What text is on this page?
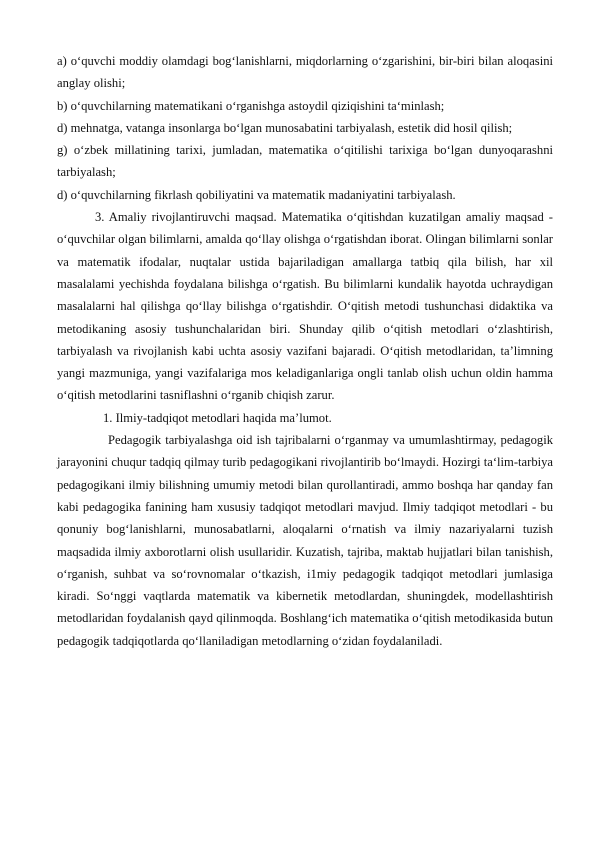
a) o‘quvchi moddiy olamdagi bog‘lanishlarni, miqdorlarning o‘zgarishini, bir-biri bilan aloqasini anglay olishi;

b) o‘quvchilarning matematikani o‘rganishga astoydil qiziqishini ta‘minlash;

d) mehnatga, vatanga insonlarga bo‘lgan munosabatini tarbiyalash, estetik did hosil qilish;

g) o‘zbek millatining tarixi, jumladan, matematika o‘qitilishi tarixiga bo‘lgan dunyoqarashni tarbiyalash;

d) o‘quvchilarning fikrlash qobiliyatini va matematik madaniyatini tarbiyalash.

3. Amaliy rivojlantiruvchi maqsad. Matematika o‘qitishdan kuzatilgan amaliy maqsad - o‘quvchilar olgan bilimlarni, amalda qo‘llay olishga o‘rgatishdan iborat. Olingan bilimlarni sonlar va matematik ifodalar, nuqtalar ustida bajariladigan amallarga tatbiq qila bilish, har xil masalalami yechishda foydalana bilishga o‘rgatish. Bu bilimlarni kundalik hayotda uchraydigan masalalarni hal qilishga qo‘llay bilishga o‘rgatishdir. O‘qitish metodi tushunchasi didaktika va metodikaning asosiy tushunchalaridan biri. Shunday qilib o‘qitish metodlari o‘zlashtirish, tarbiyalash va rivojlanish kabi uchta asosiy vazifani bajaradi. O‘qitish metodlaridan, ta’limning yangi mazmuniga, yangi vazifalariga mos keladiganlariga ongli tanlab olish uchun oldin hamma o‘qitish metodlarini tasniflashni o‘rganib chiqish zarur.

1. Ilmiy-tadqiqot metodlari haqida ma’lumot.

Pedagogik tarbiyalashga oid ish tajribalarni o‘rganmay va umumlashtirmay, pedagogik jarayonini chuqur tadqiq qilmay turib pedagogikani rivojlantirib bo‘lmaydi. Hozirgi ta‘lim-tarbiya pedagogikani ilmiy bilishning umumiy metodi bilan qurollantiradi, ammo boshqa har qanday fan kabi pedagogika fanining ham xususiy tadqiqot metodlari mavjud. Ilmiy tadqiqot metodlari - bu qonuniy bog‘lanishlarni, munosabatlarni, aloqalarni o‘rnatish va ilmiy nazariyalarni tuzish maqsadida ilmiy axborotlarni olish usullaridir. Kuzatish, tajriba, maktab hujjatlari bilan tanishish, o‘rganish, suhbat va so‘rovnomalar o‘tkazish, i1miy pedagogik tadqiqot metodlari jumlasiga kiradi. So‘nggi vaqtlarda matematik va kibernetik metodlardan, shuningdek, modellashtirish metodlaridan foydalanish qayd qilinmoqda. Boshlang‘ich matematika o‘qitish metodikasida butun pedagogik tadqiqotlarda qo‘llaniladigan metodlarning o‘zidan foydalaniladi.
